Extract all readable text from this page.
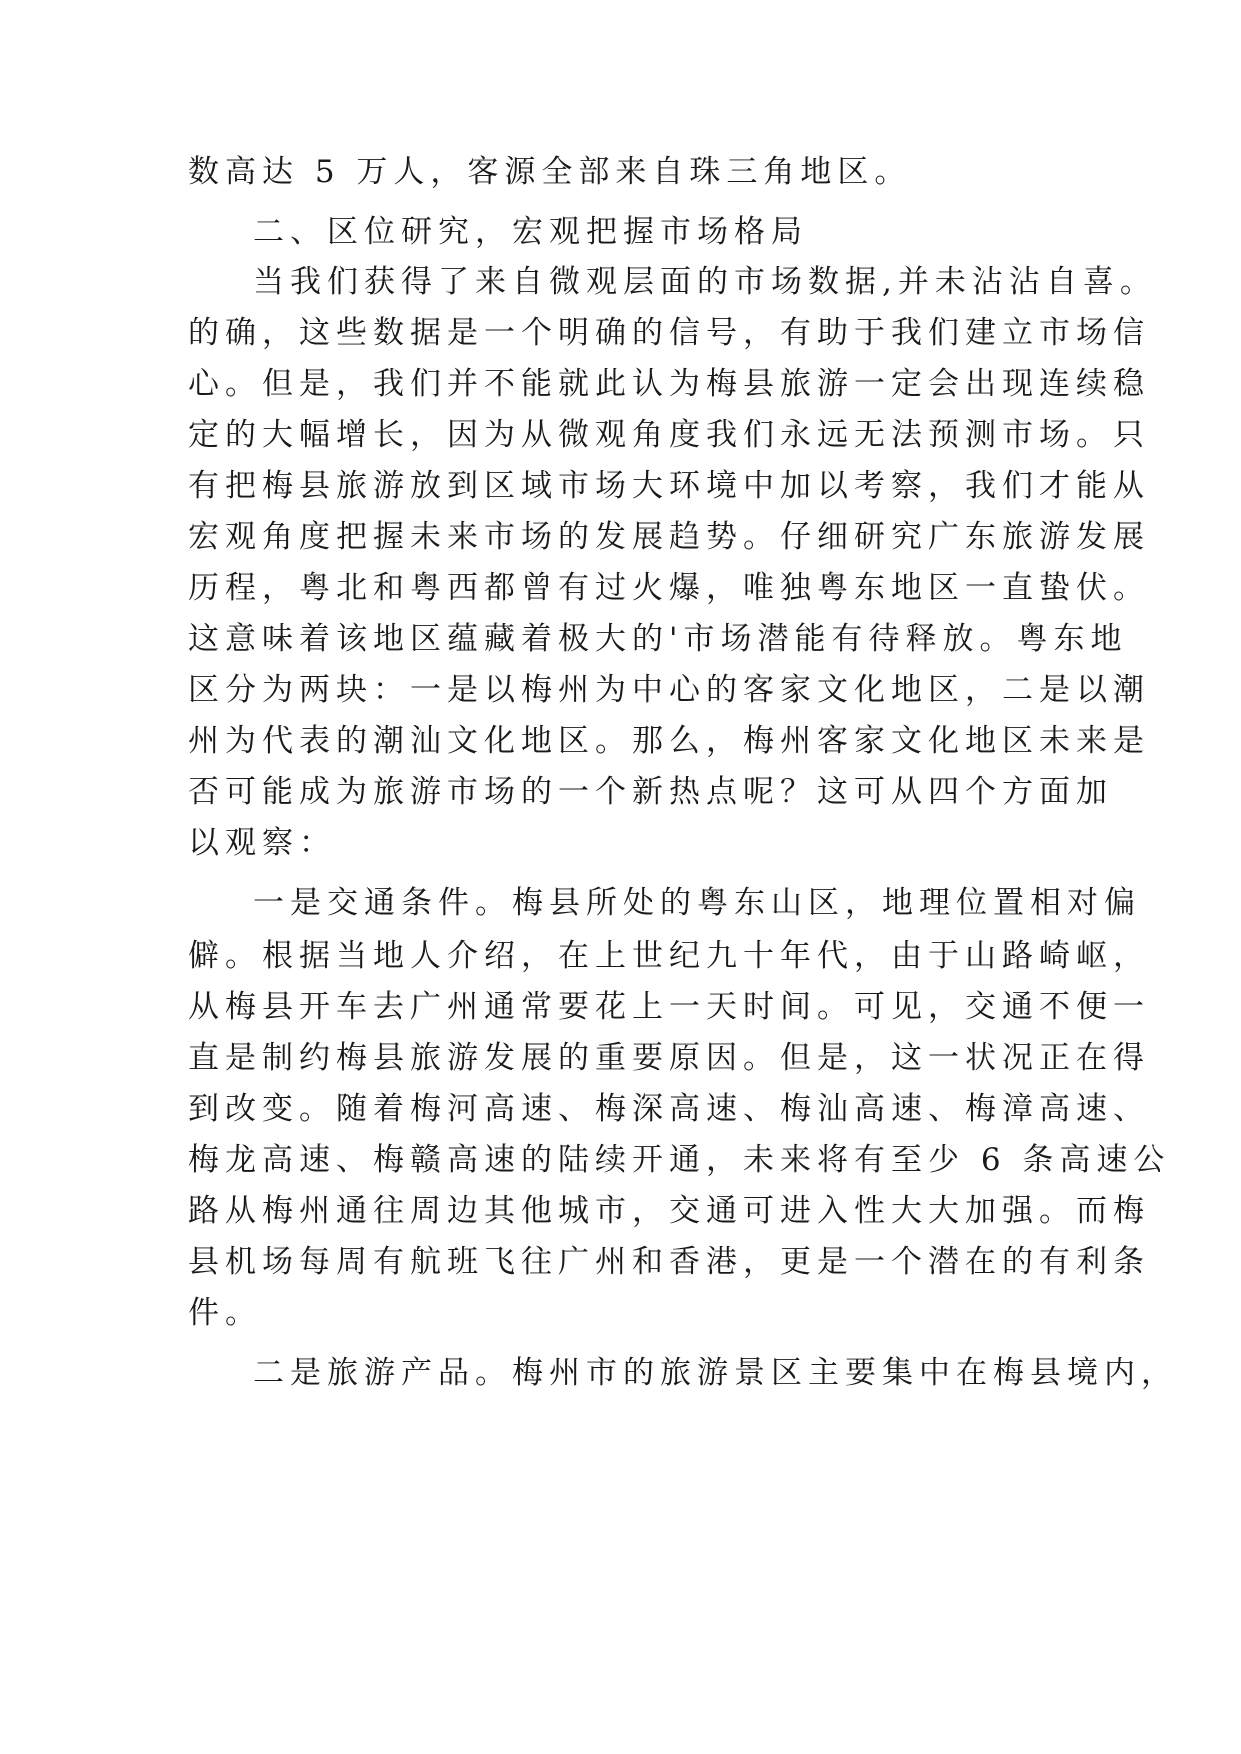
数高达 5 万人，客源全部来自珠三角地区。
二、区位研究，宏观把握市场格局
当我们获得了来自微观层面的市场数据,并未沾沾自喜。
的确，这些数据是一个明确的信号，有助于我们建立市场信
心。但是，我们并不能就此认为梅县旅游一定会出现连续稳
定的大幅增长，因为从微观角度我们永远无法预测市场。只
有把梅县旅游放到区域市场大环境中加以考察，我们才能从
宏观角度把握未来市场的发展趋势。仔细研究广东旅游发展
历程，粤北和粤西都曾有过火爆，唯独粤东地区一直蛰伏。
这意味着该地区蕴藏着极大的'市场潜能有待释放。粤东地
区分为两块：一是以梅州为中心的客家文化地区，二是以潮
州为代表的潮汕文化地区。那么，梅州客家文化地区未来是
否可能成为旅游市场的一个新热点呢？这可从四个方面加
以观察：
一是交通条件。梅县所处的粤东山区，地理位置相对偏
僻。根据当地人介绍，在上世纪九十年代，由于山路崎岖，
从梅县开车去广州通常要花上一天时间。可见，交通不便一
直是制约梅县旅游发展的重要原因。但是，这一状况正在得
到改变。随着梅河高速、梅深高速、梅汕高速、梅漳高速、
梅龙高速、梅赣高速的陆续开通，未来将有至少 6 条高速公
路从梅州通往周边其他城市，交通可进入性大大加强。而梅
县机场每周有航班飞往广州和香港，更是一个潜在的有利条
件。
二是旅游产品。梅州市的旅游景区主要集中在梅县境内，
